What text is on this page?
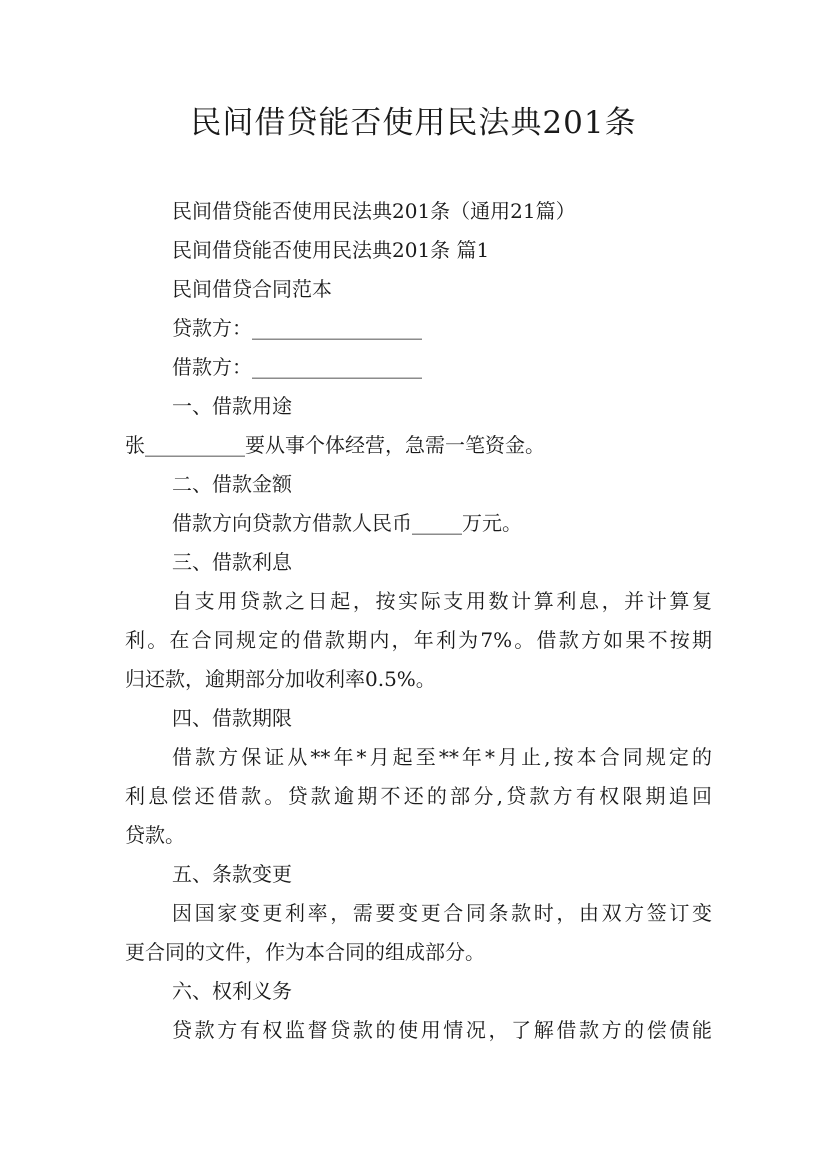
民间借贷能否使用民法典201条

民间借贷能否使用民法典201条（通用21篇）

民间借贷能否使用民法典201条 篇1

民间借贷合同范本

贷款方：_________________

借款方：_________________

一、借款用途

张__________要从事个体经营，急需一笔资金。

二、借款金额

借款方向贷款方借款人民币_____万元。

三、借款利息

自支用贷款之日起，按实际支用数计算利息，并计算复

利。在合同规定的借款期内，年利为7%。借款方如果不按期

归还款，逾期部分加收利率0.5%。

四、借款期限

借款方保证从**年*月起至**年*月止,按本合同规定的

利息偿还借款。贷款逾期不还的部分,贷款方有权限期追回

贷款。

五、条款变更

因国家变更利率，需要变更合同条款时，由双方签订变

更合同的文件，作为本合同的组成部分。

六、权利义务

贷款方有权监督贷款的使用情况，了解借款方的偿债能
